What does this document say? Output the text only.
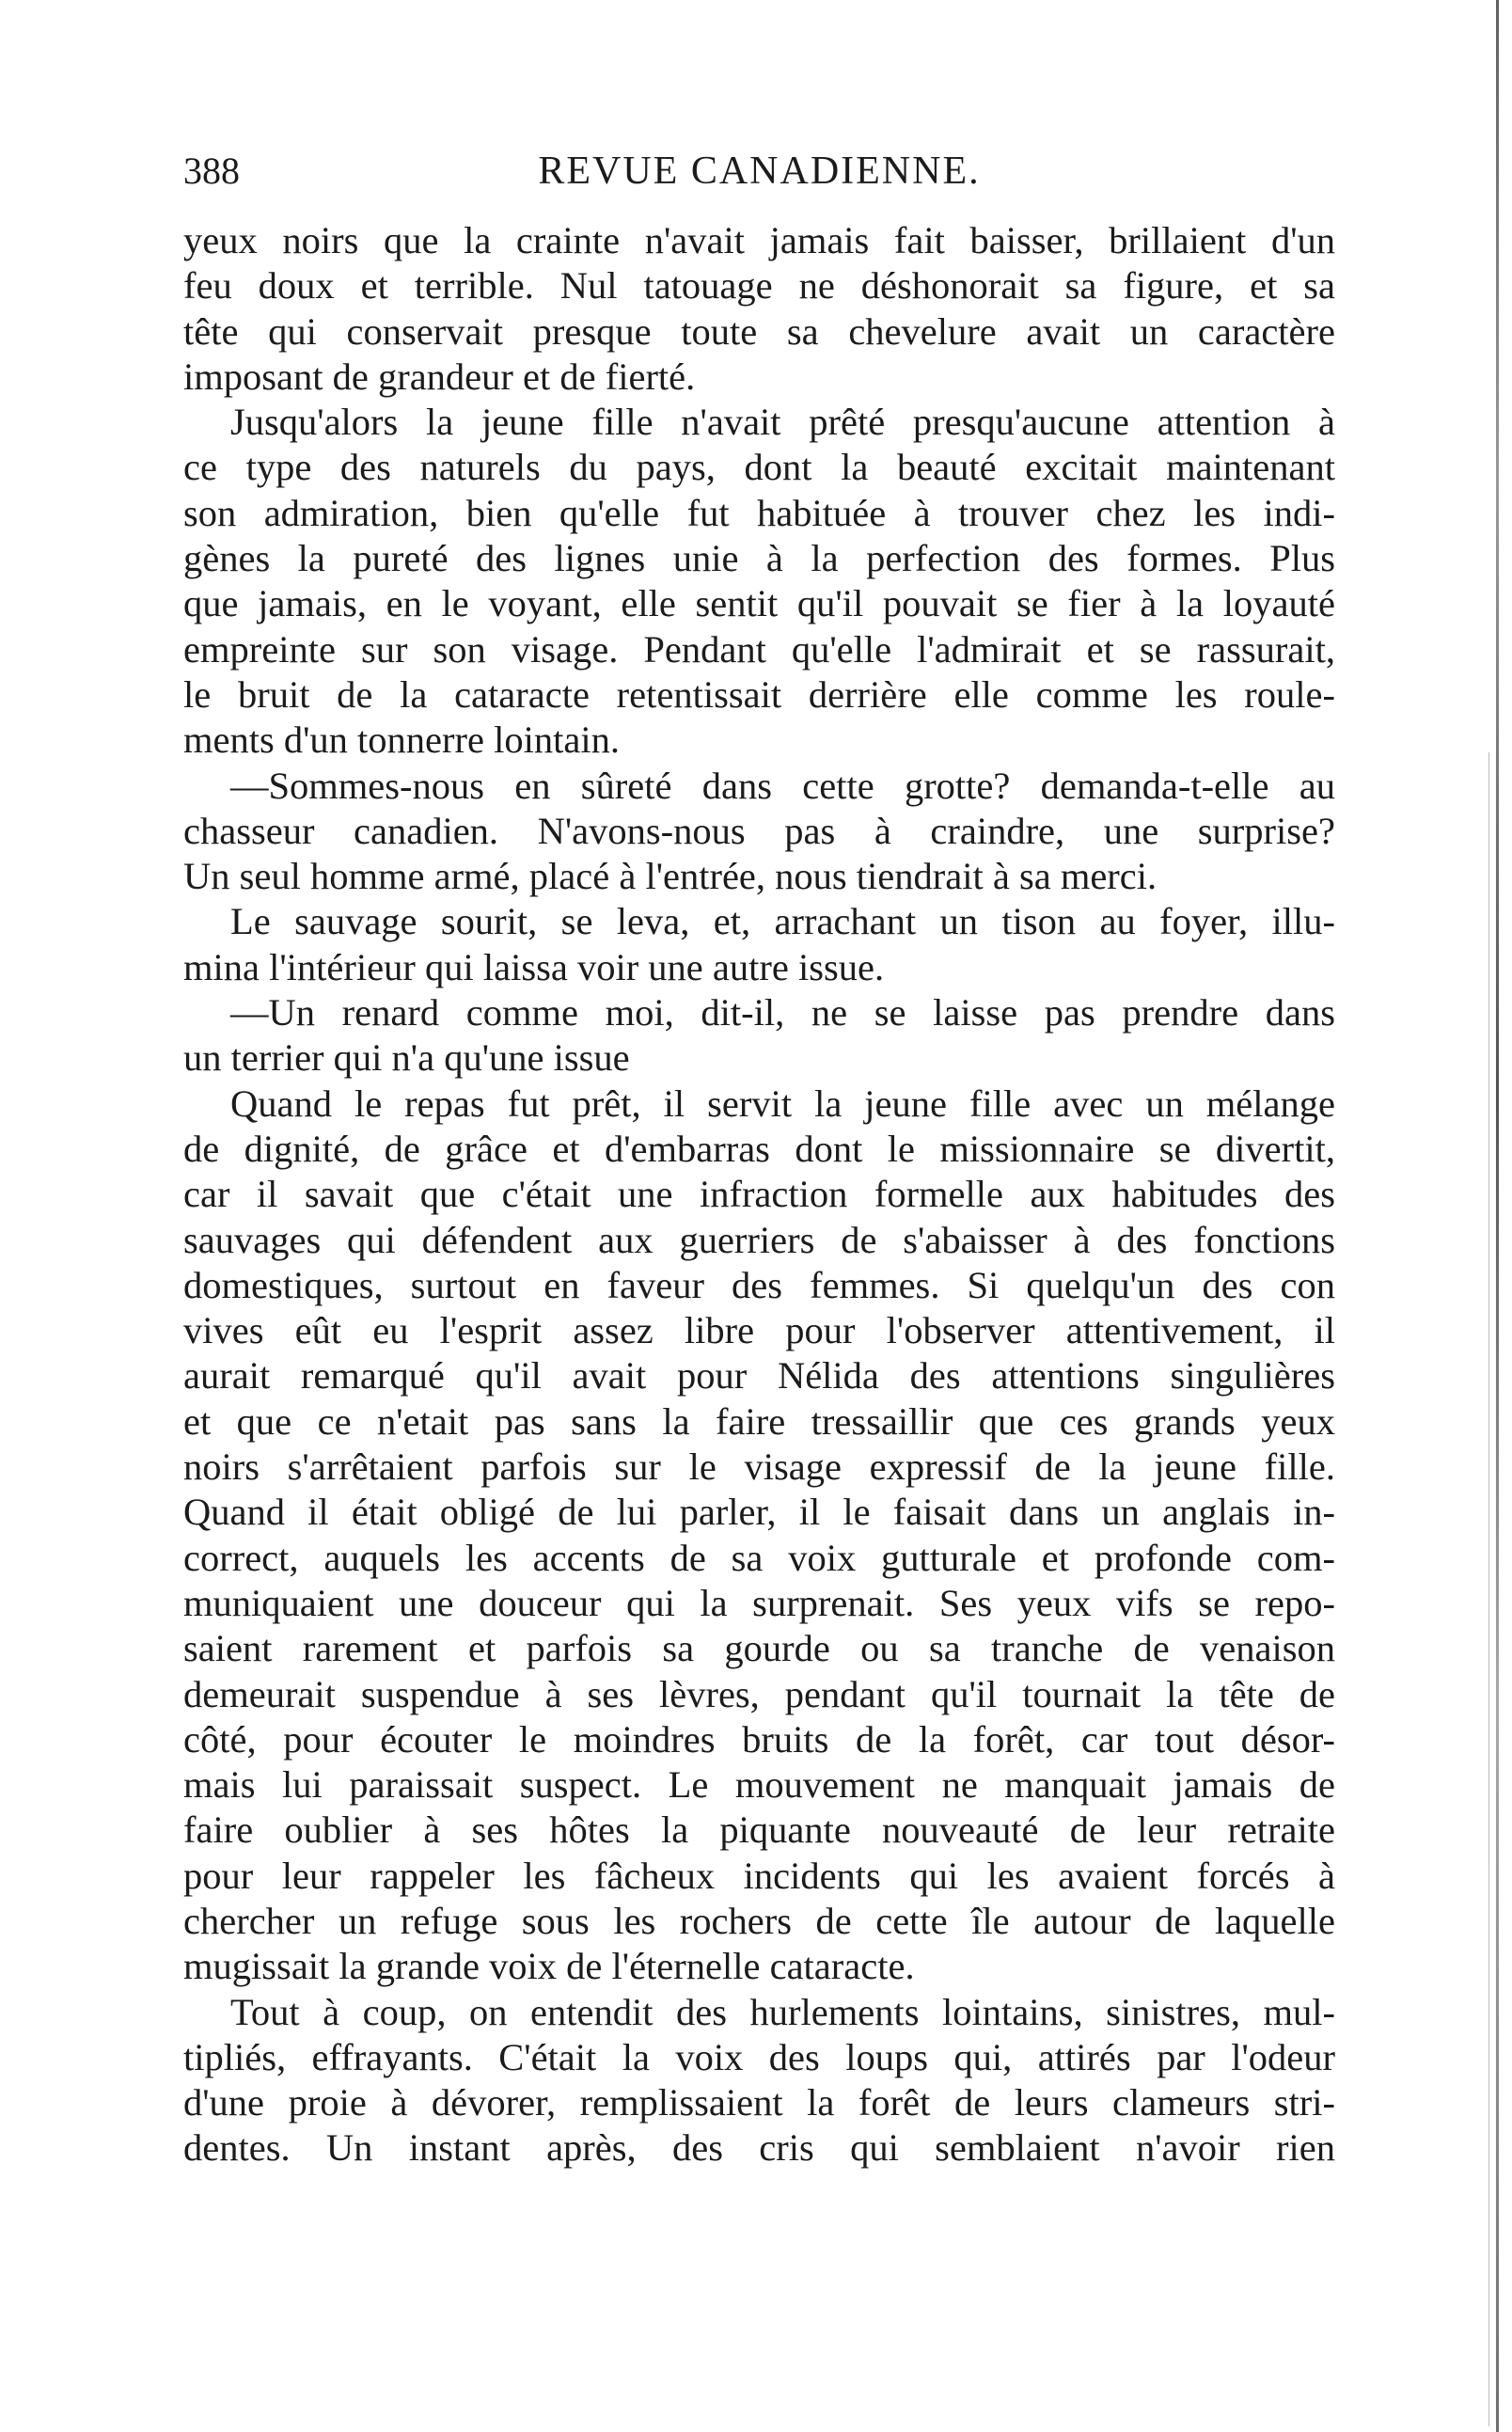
388	REVUE CANADIENNE.
yeux noirs que la crainte n'avait jamais fait baisser, brillaient d'un
feu doux et terrible. Nul tatouage ne déshonorait sa figure, et sa
tête qui conservait presque toute sa chevelure avait un caractère
imposant de grandeur et de fierté.
Jusqu'alors la jeune fille n'avait prêté presqu'aucune attention à
ce type des naturels du pays, dont la beauté excitait maintenant
son admiration, bien qu'elle fut habituée à trouver chez les indi-
gènes la pureté des lignes unie à la perfection des formes. Plus
que jamais, en le voyant, elle sentit qu'il pouvait se fier à la loyauté
empreinte sur son visage. Pendant qu'elle l'admirait et se rassurait,
le bruit de la cataracte retentissait derrière elle comme les roule-
ments d'un tonnerre lointain.
—Sommes-nous en sûreté dans cette grotte? demanda-t-elle au
chasseur canadien. N'avons-nous pas à craindre, une surprise?
Un seul homme armé, placé à l'entrée, nous tiendrait à sa merci.
Le sauvage sourit, se leva, et, arrachant un tison au foyer, illu-
mina l'intérieur qui laissa voir une autre issue.
—Un renard comme moi, dit-il, ne se laisse pas prendre dans
un terrier qui n'a qu'une issue
Quand le repas fut prêt, il servit la jeune fille avec un mélange
de dignité, de grâce et d'embarras dont le missionnaire se divertit,
car il savait que c'était une infraction formelle aux habitudes des
sauvages qui défendent aux guerriers de s'abaisser à des fonctions
domestiques, surtout en faveur des femmes. Si quelqu'un des con
vives eût eu l'esprit assez libre pour l'observer attentivement, il
aurait remarqué qu'il avait pour Nélida des attentions singulières
et que ce n'etait pas sans la faire tressaillir que ces grands yeux
noirs s'arrêtaient parfois sur le visage expressif de la jeune fille.
Quand il était obligé de lui parler, il le faisait dans un anglais in-
correct, auquels les accents de sa voix gutturale et profonde com-
muniquaient une douceur qui la surprenait. Ses yeux vifs se repo-
saient rarement et parfois sa gourde ou sa tranche de venaison
demeurait suspendue à ses lèvres, pendant qu'il tournait la tête de
côté, pour écouter le moindres bruits de la forêt, car tout désor-
mais lui paraissait suspect. Le mouvement ne manquait jamais de
faire oublier à ses hôtes la piquante nouveauté de leur retraite
pour leur rappeler les fâcheux incidents qui les avaient forcés à
chercher un refuge sous les rochers de cette île autour de laquelle
mugissait la grande voix de l'éternelle cataracte.
Tout à coup, on entendit des hurlements lointains, sinistres, mul-
tipliés, effrayants. C'était la voix des loups qui, attirés par l'odeur
d'une proie à dévorer, remplissaient la forêt de leurs clameurs stri-
dentes. Un instant après, des cris qui semblaient n'avoir rien
